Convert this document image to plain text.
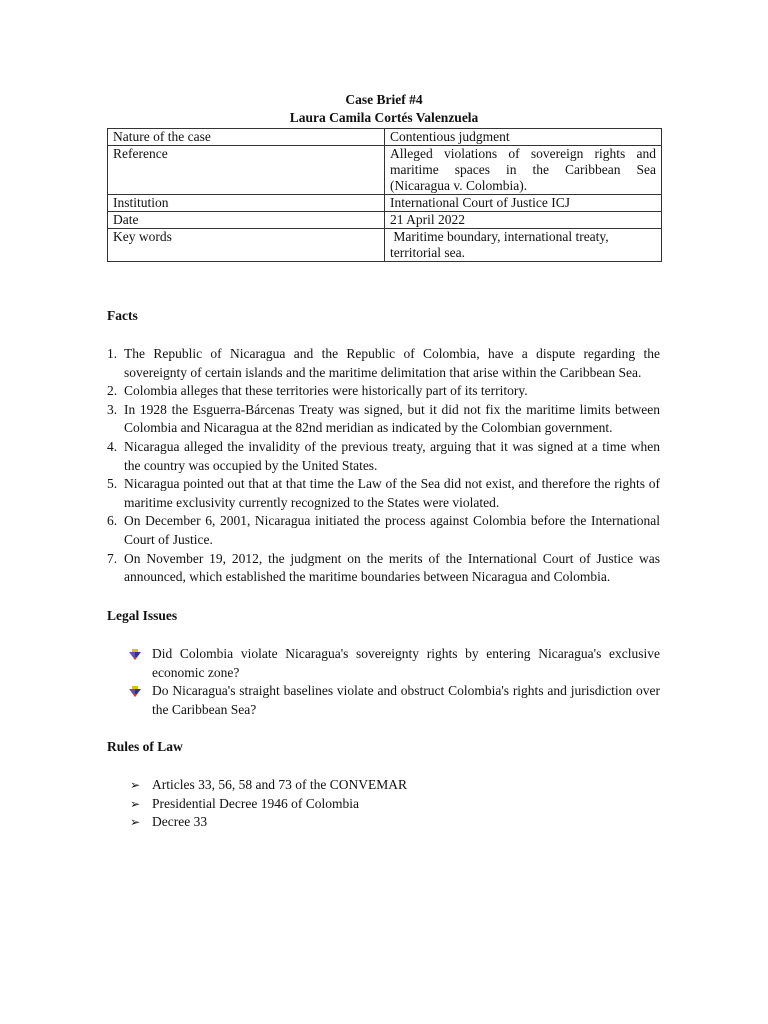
Case Brief #4
Laura Camila Cortés Valenzuela
Nature of the case	Contentious judgment
Reference	Alleged violations of sovereign rights and maritime spaces in the Caribbean Sea (Nicaragua v. Colombia).
Institution	International Court of Justice ICJ
Date	21 April 2022
Key words	Maritime boundary, international treaty, territorial sea.
Facts
1. The Republic of Nicaragua and the Republic of Colombia, have a dispute regarding the sovereignty of certain islands and the maritime delimitation that arise within the Caribbean Sea.
2. Colombia alleges that these territories were historically part of its territory.
3. In 1928 the Esguerra-Bárcenas Treaty was signed, but it did not fix the maritime limits between Colombia and Nicaragua at the 82nd meridian as indicated by the Colombian government.
4. Nicaragua alleged the invalidity of the previous treaty, arguing that it was signed at a time when the country was occupied by the United States.
5. Nicaragua pointed out that at that time the Law of the Sea did not exist, and therefore the rights of maritime exclusivity currently recognized to the States were violated.
6. On December 6, 2001, Nicaragua initiated the process against Colombia before the International Court of Justice.
7. On November 19, 2012, the judgment on the merits of the International Court of Justice was announced, which established the maritime boundaries between Nicaragua and Colombia.
Legal Issues
Did Colombia violate Nicaragua's sovereignty rights by entering Nicaragua's exclusive economic zone?
Do Nicaragua's straight baselines violate and obstruct Colombia's rights and jurisdiction over the Caribbean Sea?
Rules of Law
➢ Articles 33, 56, 58 and 73 of the CONVEMAR
➢ Presidential Decree 1946 of Colombia
➢ Decree 33
